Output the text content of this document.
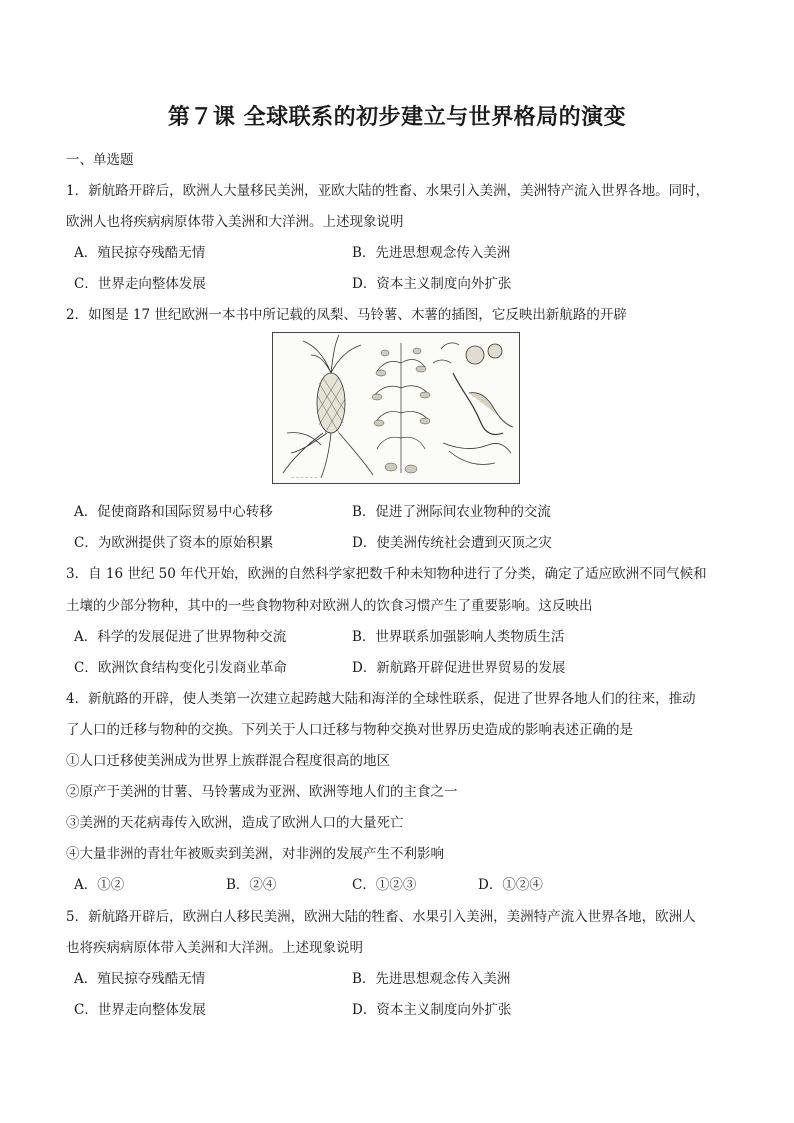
第７课 全球联系的初步建立与世界格局的演变
一、单选题
1．新航路开辟后，欧洲人大量移民美洲，亚欧大陆的牲畜、水果引入美洲，美洲特产流入世界各地。同时，
欧洲人也将疾病病原体带入美洲和大洋洲。上述现象说明
A．殖民掠夺残酷无情	B．先进思想观念传入美洲
C．世界走向整体发展	D．资本主义制度向外扩张
2．如图是 17 世纪欧洲一本书中所记载的凤梨、马铃薯、木薯的插图，它反映出新航路的开辟
~ ~ ~ ~ ~ ~
A．促使商路和国际贸易中心转移	B．促进了洲际间农业物种的交流
C．为欧洲提供了资本的原始积累	D．使美洲传统社会遭到灭顶之灾
3．自 16 世纪 50 年代开始，欧洲的自然科学家把数千种未知物种进行了分类，确定了适应欧洲不同气候和
土壤的少部分物种，其中的一些食物物种对欧洲人的饮食习惯产生了重要影响。这反映出
A．科学的发展促进了世界物种交流	B．世界联系加强影响人类物质生活
C．欧洲饮食结构变化引发商业革命	D．新航路开辟促进世界贸易的发展
4．新航路的开辟，使人类第一次建立起跨越大陆和海洋的全球性联系，促进了世界各地人们的往来，推动
了人口的迁移与物种的交换。下列关于人口迁移与物种交换对世界历史造成的影响表述正确的是
①人口迁移使美洲成为世界上族群混合程度很高的地区
②原产于美洲的甘薯、马铃薯成为亚洲、欧洲等地人们的主食之一
③美洲的天花病毒传入欧洲，造成了欧洲人口的大量死亡
④大量非洲的青壮年被贩卖到美洲，对非洲的发展产生不利影响
A．①②	B．②④	C．①②③	D．①②④
5．新航路开辟后，欧洲白人移民美洲，欧洲大陆的牲畜、水果引入美洲，美洲特产流入世界各地，欧洲人
也将疾病病原体带入美洲和大洋洲。上述现象说明
A．殖民掠夺残酷无情	B．先进思想观念传入美洲
C．世界走向整体发展	D．资本主义制度向外扩张
